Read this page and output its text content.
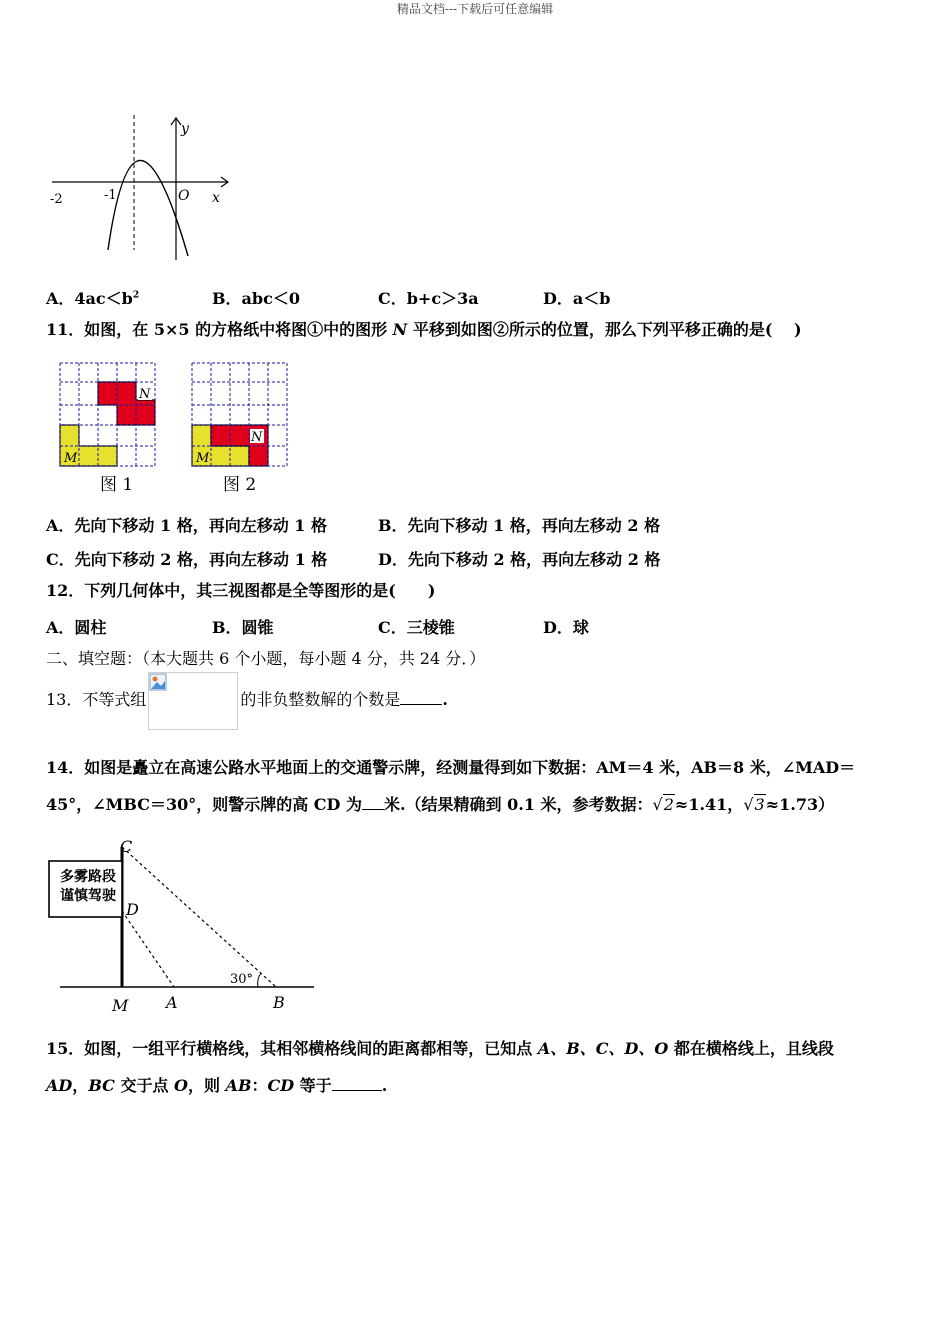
精品文档---下载后可任意编辑
-2	-1	O x
y
A．$4ac<b^2$	B．abc＜0	C．b+c＞3a	D．a＜b
11．如图，在 5×5 的方格纸中将图①中的图形 N 平移到如图②所示的位置，那么下列平移正确的是(　 )
M
N
图 1
M
N
图 2
A．先向下移动 1 格，再向左移动 1 格	B．先向下移动 1 格，再向左移动 2 格
C．先向下移动 2 格，再向左移动 1 格	D．先向下移动 2 格，再向左移动 2 格
12．下列几何体中，其三视图都是全等图形的是(　　)
A．圆柱	B．圆锥	C．三棱锥	D．球
二、填空题：（本大题共 6 个小题，每小题 4 分，共 24 分．）
13．不等式组	的非负整数解的个数是	.
14．如图是矗立在高速公路水平地面上的交通警示牌，经测量得到如下数据：AM＝4 米，AB＝8 米，∠MAD＝
45°，∠MBC＝30°，则警示牌的高 CD 为 米.（结果精确到 0.1 米，参考数据：√2≈1.41，√3≈1.73）
多雾路段
谨慎驾驶
C
D
M A	B
30°
15．如图，一组平行横格线，其相邻横格线间的距离都相等，已知点 A、B、C、D、O 都在横格线上，且线段
AD，BC 交于点 O，则 AB：CD 等于	.
